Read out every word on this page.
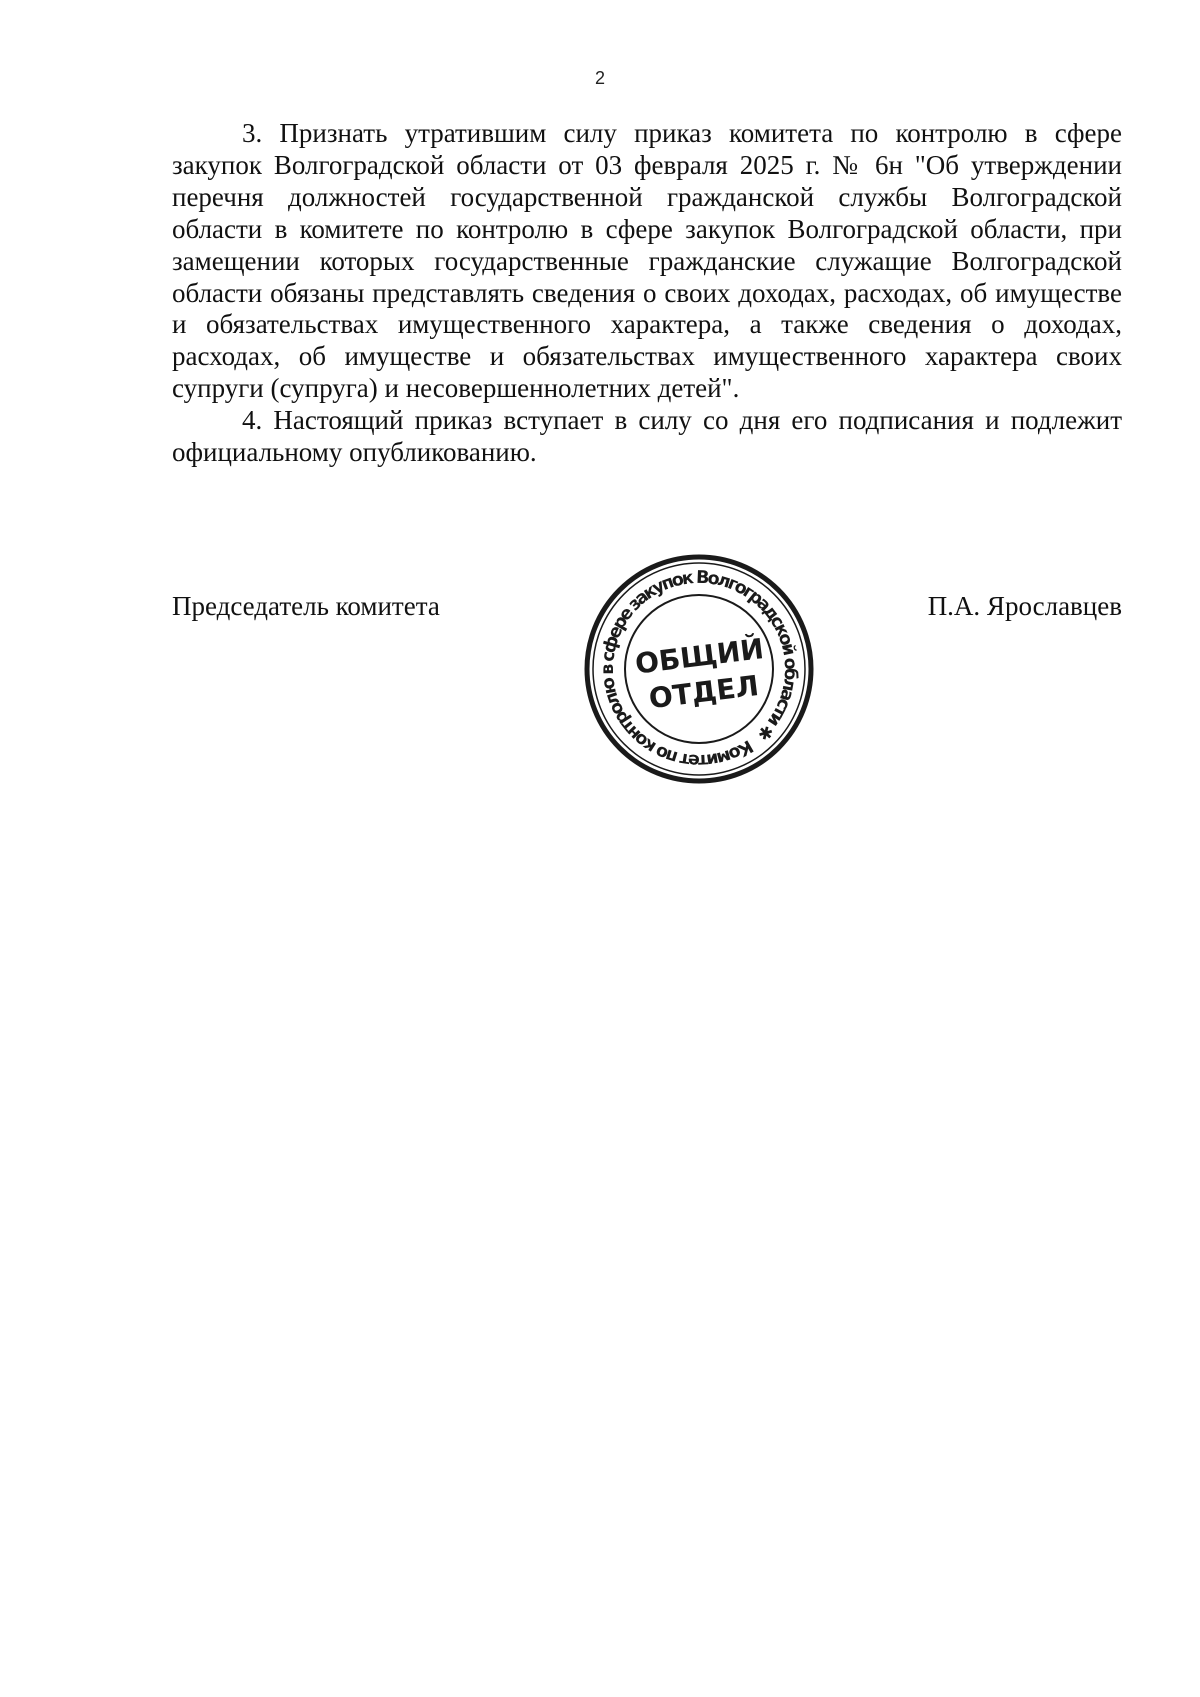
2

3. Признать утратившим силу приказ комитета по контролю в сфере закупок Волгоградской области от 03 февраля 2025 г. № 6н "Об утверждении перечня должностей государственной гражданской службы Волгоградской области в комитете по контролю в сфере закупок Волгоградской области, при замещении которых государственные гражданские служащие Волгоградской области обязаны представлять сведения о своих доходах, расходах, об имуществе и обязательствах имущественного характера, а также сведения о доходах, расходах, об имуществе и обязательствах имущественного характера своих супруги (супруга) и несовершеннолетних детей".

4. Настоящий приказ вступает в силу со дня его подписания и подлежит официальному опубликованию.

Председатель комитета	П.А. Ярославцев
Комитет по контролю в сфере закупок Волгоградской области ✱
ОБЩИЙ
ОТДЕЛ
